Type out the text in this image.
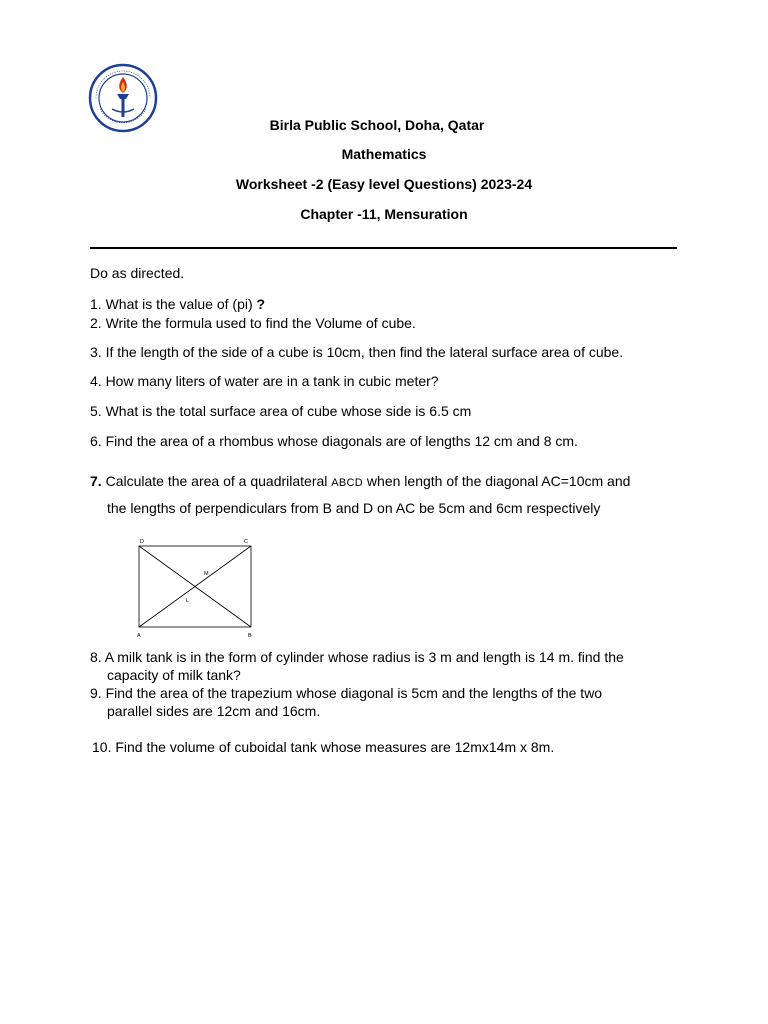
Birla Public School, Doha, Qatar
Mathematics
Worksheet -2 (Easy level Questions) 2023-24
Chapter -11, Mensuration
Do as directed.
1. What is the value of (pi) ?
2. Write the formula used to find the Volume of cube.
3. If the length of the side of a cube is 10cm, then find the lateral surface area of cube.
4. How many liters of water are in a tank in cubic meter?
5. What is the total surface area of cube whose side is 6.5 cm
6. Find the area of a rhombus whose diagonals are of lengths 12 cm and 8 cm.
7. Calculate the area of a quadrilateral ABCD when length of the diagonal AC=10cm and
the lengths of perpendiculars from B and D on AC be 5cm and 6cm respectively
D	C
A	B
M
L
8. A milk tank is in the form of cylinder whose radius is 3 m and length is 14 m. find the
capacity of milk tank?
9. Find the area of the trapezium whose diagonal is 5cm and the lengths of the two
parallel sides are 12cm and 16cm.
10. Find the volume of cuboidal tank whose measures are 12mx14m x 8m.
